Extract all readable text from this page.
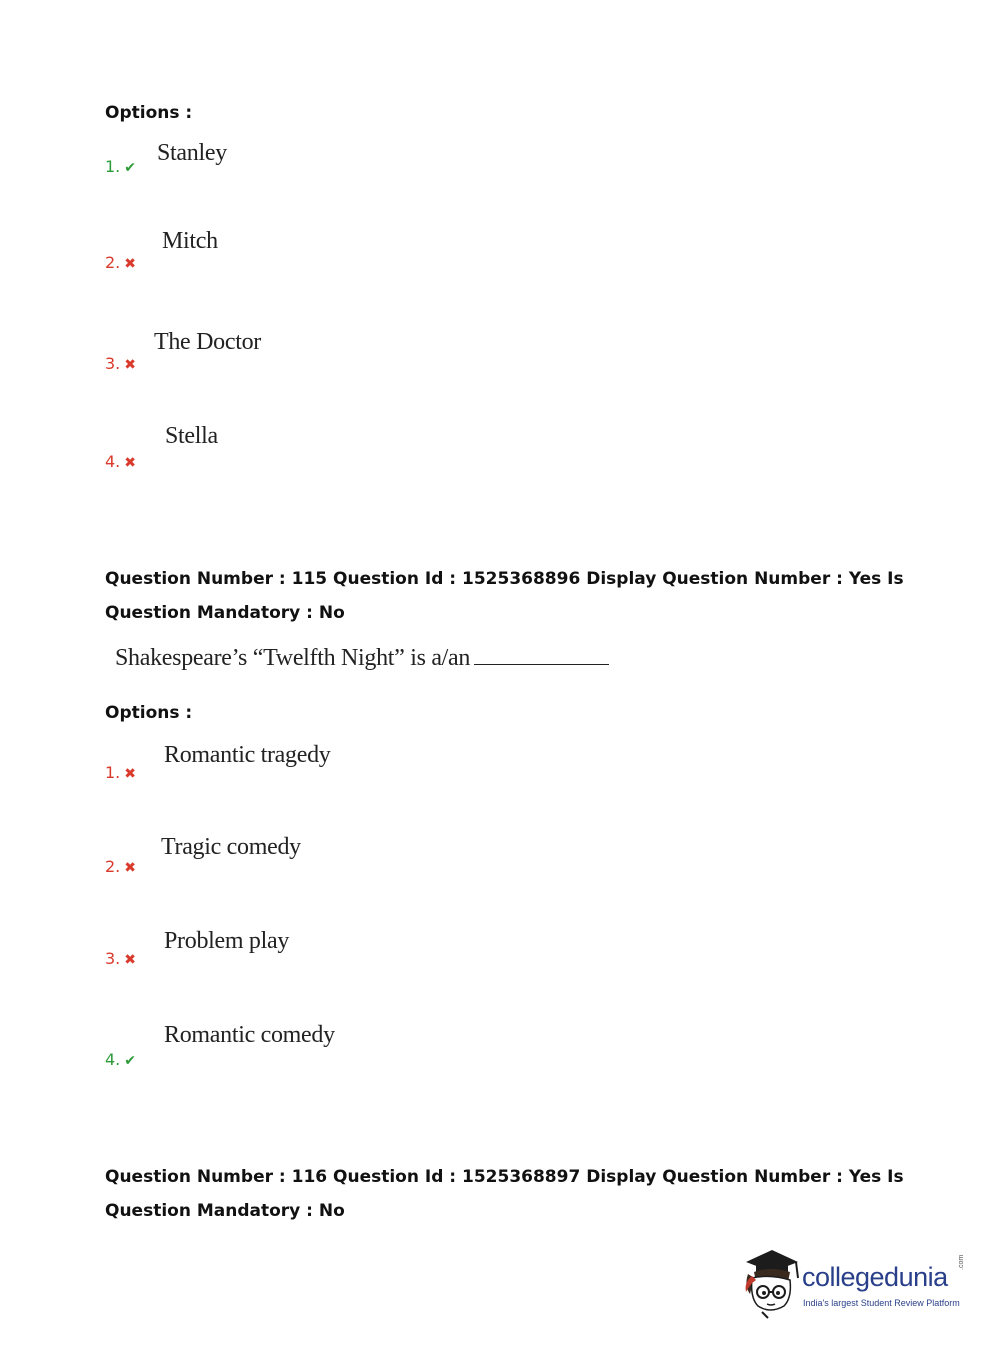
Options :
1. ✔
Stanley
2. ✖
Mitch
3. ✖
The Doctor
4. ✖
Stella
Question Number : 115 Question Id : 1525368896 Display Question Number : Yes Is Question Mandatory : No
Shakespeare’s “Twelfth Night” is a/an
Options :
1. ✖
Romantic tragedy
2. ✖
Tragic comedy
3. ✖
Problem play
4. ✔
Romantic comedy
Question Number : 116 Question Id : 1525368897 Display Question Number : Yes Is Question Mandatory : No
collegedunia .com
India's largest Student Review Platform
